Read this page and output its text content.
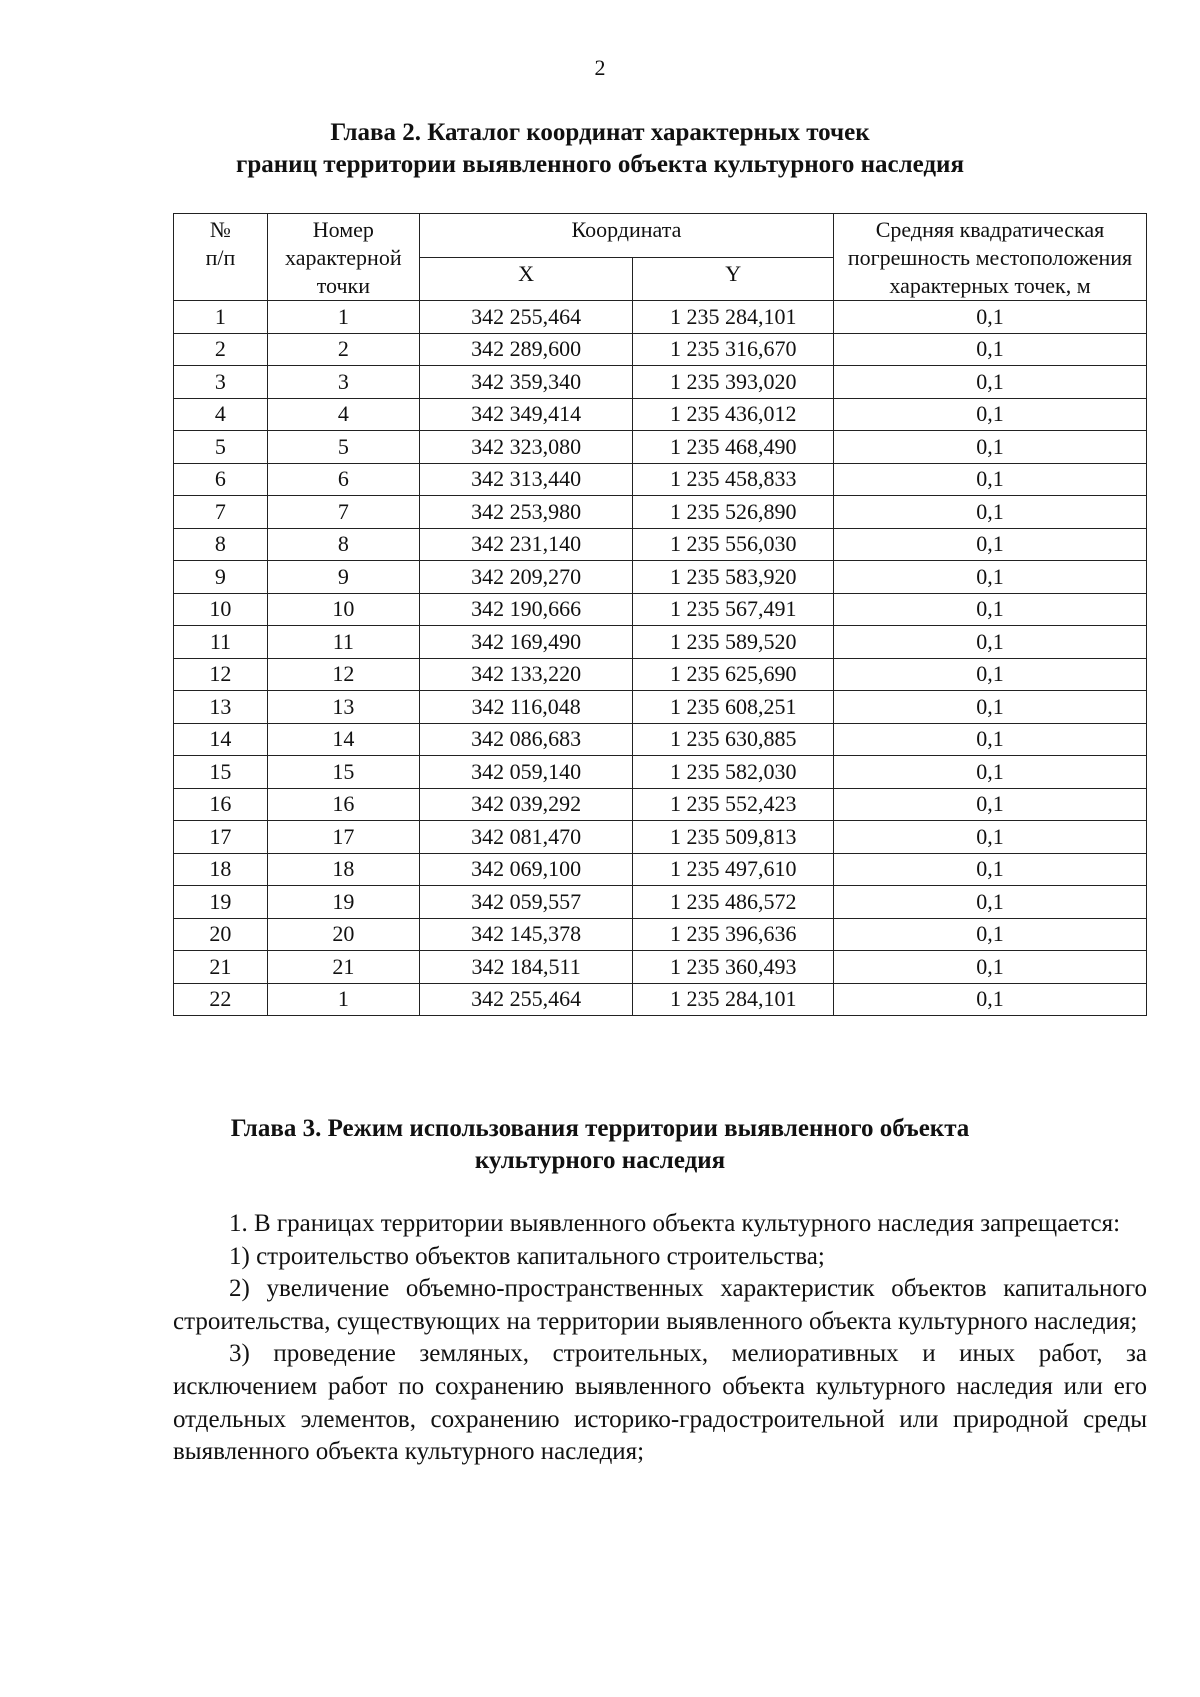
2
Глава 2. Каталог координат характерных точек
границ территории выявленного объекта культурного наследия
№ п/п	Номер характерной точки	Координата		Средняя квадратическая погрешность местоположения характерных точек, м

		X	Y	
1	1	342 255,464	1 235 284,101	0,1
2	2	342 289,600	1 235 316,670	0,1
3	3	342 359,340	1 235 393,020	0,1
4	4	342 349,414	1 235 436,012	0,1
5	5	342 323,080	1 235 468,490	0,1
6	6	342 313,440	1 235 458,833	0,1
7	7	342 253,980	1 235 526,890	0,1
8	8	342 231,140	1 235 556,030	0,1
9	9	342 209,270	1 235 583,920	0,1
10	10	342 190,666	1 235 567,491	0,1
11	11	342 169,490	1 235 589,520	0,1
12	12	342 133,220	1 235 625,690	0,1
13	13	342 116,048	1 235 608,251	0,1
14	14	342 086,683	1 235 630,885	0,1
15	15	342 059,140	1 235 582,030	0,1
16	16	342 039,292	1 235 552,423	0,1
17	17	342 081,470	1 235 509,813	0,1
18	18	342 069,100	1 235 497,610	0,1
19	19	342 059,557	1 235 486,572	0,1
20	20	342 145,378	1 235 396,636	0,1
21	21	342 184,511	1 235 360,493	0,1
22	1	342 255,464	1 235 284,101	0,1
Глава 3. Режим использования территории выявленного объекта
культурного наследия

1. В границах территории выявленного объекта культурного наследия запрещается:

1) строительство объектов капитального строительства;

2) увеличение объемно-пространственных характеристик объектов капитального строительства, существующих на территории выявленного объекта культурного наследия;

3) проведение земляных, строительных, мелиоративных и иных работ, за исключением работ по сохранению выявленного объекта культурного наследия или его отдельных элементов, сохранению историко-градостроительной или природной среды выявленного объекта культурного наследия;
